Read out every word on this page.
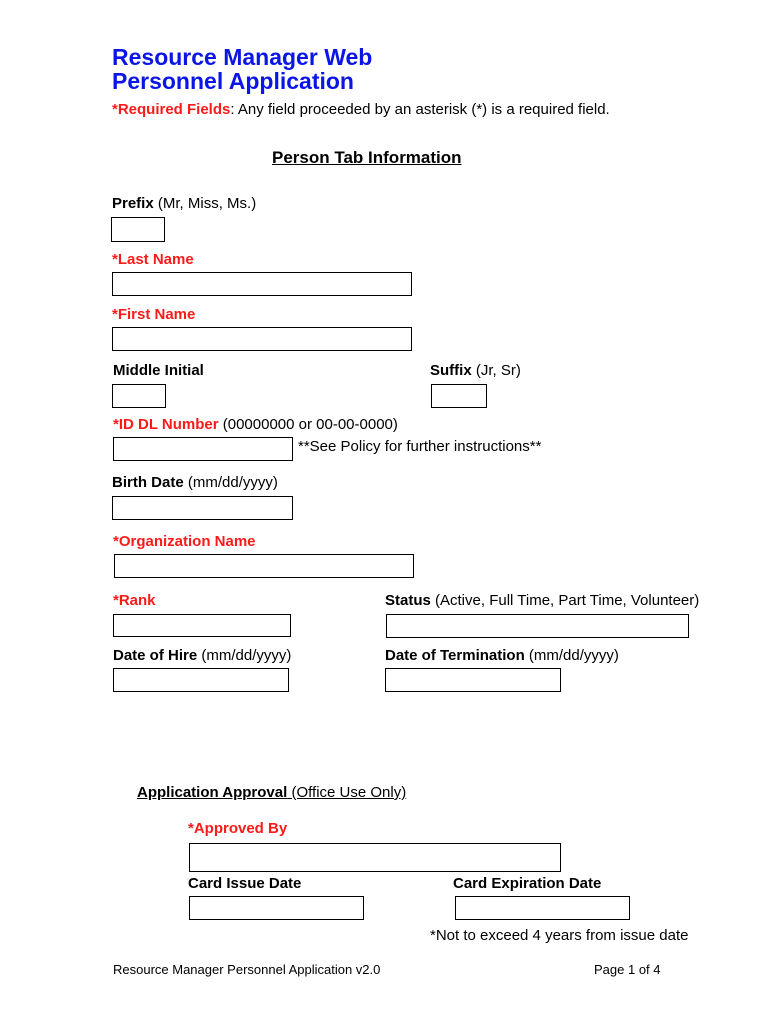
Resource Manager Web
Personnel Application
*Required Fields: Any field proceeded by an asterisk (*) is a required field.
Person Tab Information
Prefix (Mr, Miss, Ms.)
*Last Name
*First Name
Middle Initial	Suffix (Jr, Sr)
*ID DL Number (00000000 or 00-00-0000)
**See Policy for further instructions**
Birth Date (mm/dd/yyyy)
*Organization Name
*Rank	Status (Active, Full Time, Part Time, Volunteer)
Date of Hire (mm/dd/yyyy)	Date of Termination (mm/dd/yyyy)
Application Approval (Office Use Only)
*Approved By
Card Issue Date	Card Expiration Date
*Not to exceed 4 years from issue date
Resource Manager Personnel Application v2.0	Page 1 of 4
